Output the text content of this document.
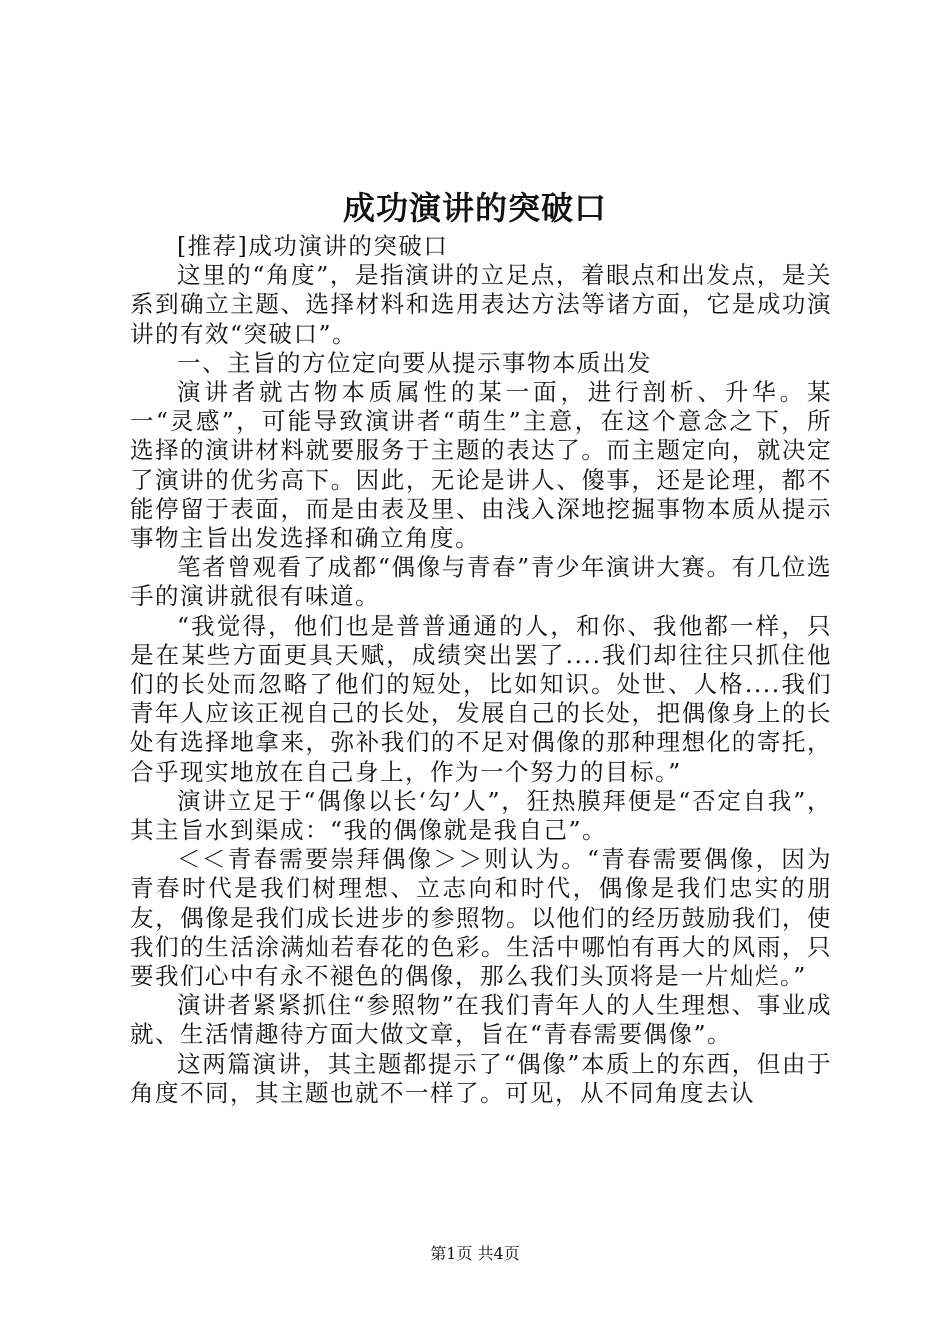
成功演讲的突破口

[推荐]成功演讲的突破口

这里的“角度”，是指演讲的立足点，着眼点和出发点，是关系到确立主题、选择材料和选用表达方法等诸方面，它是成功演讲的有效“突破口”。

一、主旨的方位定向要从提示事物本质出发

演讲者就古物本质属性的某一面，进行剖析、升华。某一“灵感”，可能导致演讲者“萌生”主意，在这个意念之下，所选择的演讲材料就要服务于主题的表达了。而主题定向，就决定了演讲的优劣高下。因此，无论是讲人、傻事，还是论理，都不能停留于表面，而是由表及里、由浅入深地挖掘事物本质从提示事物主旨出发选择和确立角度。

笔者曾观看了成都“偶像与青春”青少年演讲大赛。有几位选手的演讲就很有味道。

“我觉得，他们也是普普通通的人，和你、我他都一样，只是在某些方面更具天赋，成绩突出罢了....我们却往往只抓住他们的长处而忽略了他们的短处，比如知识。处世、人格....我们青年人应该正视自己的长处，发展自己的长处，把偶像身上的长处有选择地拿来，弥补我们的不足对偶像的那种理想化的寄托，合乎现实地放在自己身上，作为一个努力的目标。”

演讲立足于“偶像以长‘勾’人”，狂热膜拜便是“否定自我”，其主旨水到渠成：“我的偶像就是我自己”。

＜＜青春需要崇拜偶像＞＞则认为。“青春需要偶像，因为青春时代是我们树理想、立志向和时代，偶像是我们忠实的朋友，偶像是我们成长进步的参照物。以他们的经历鼓励我们，使我们的生活涂满灿若春花的色彩。生活中哪怕有再大的风雨，只要我们心中有永不褪色的偶像，那么我们头顶将是一片灿烂。”

演讲者紧紧抓住“参照物”在我们青年人的人生理想、事业成就、生活情趣待方面大做文章，旨在“青春需要偶像”。

这两篇演讲，其主题都提示了“偶像”本质上的东西，但由于角度不同，其主题也就不一样了。可见，从不同角度去认

第1页 共4页
